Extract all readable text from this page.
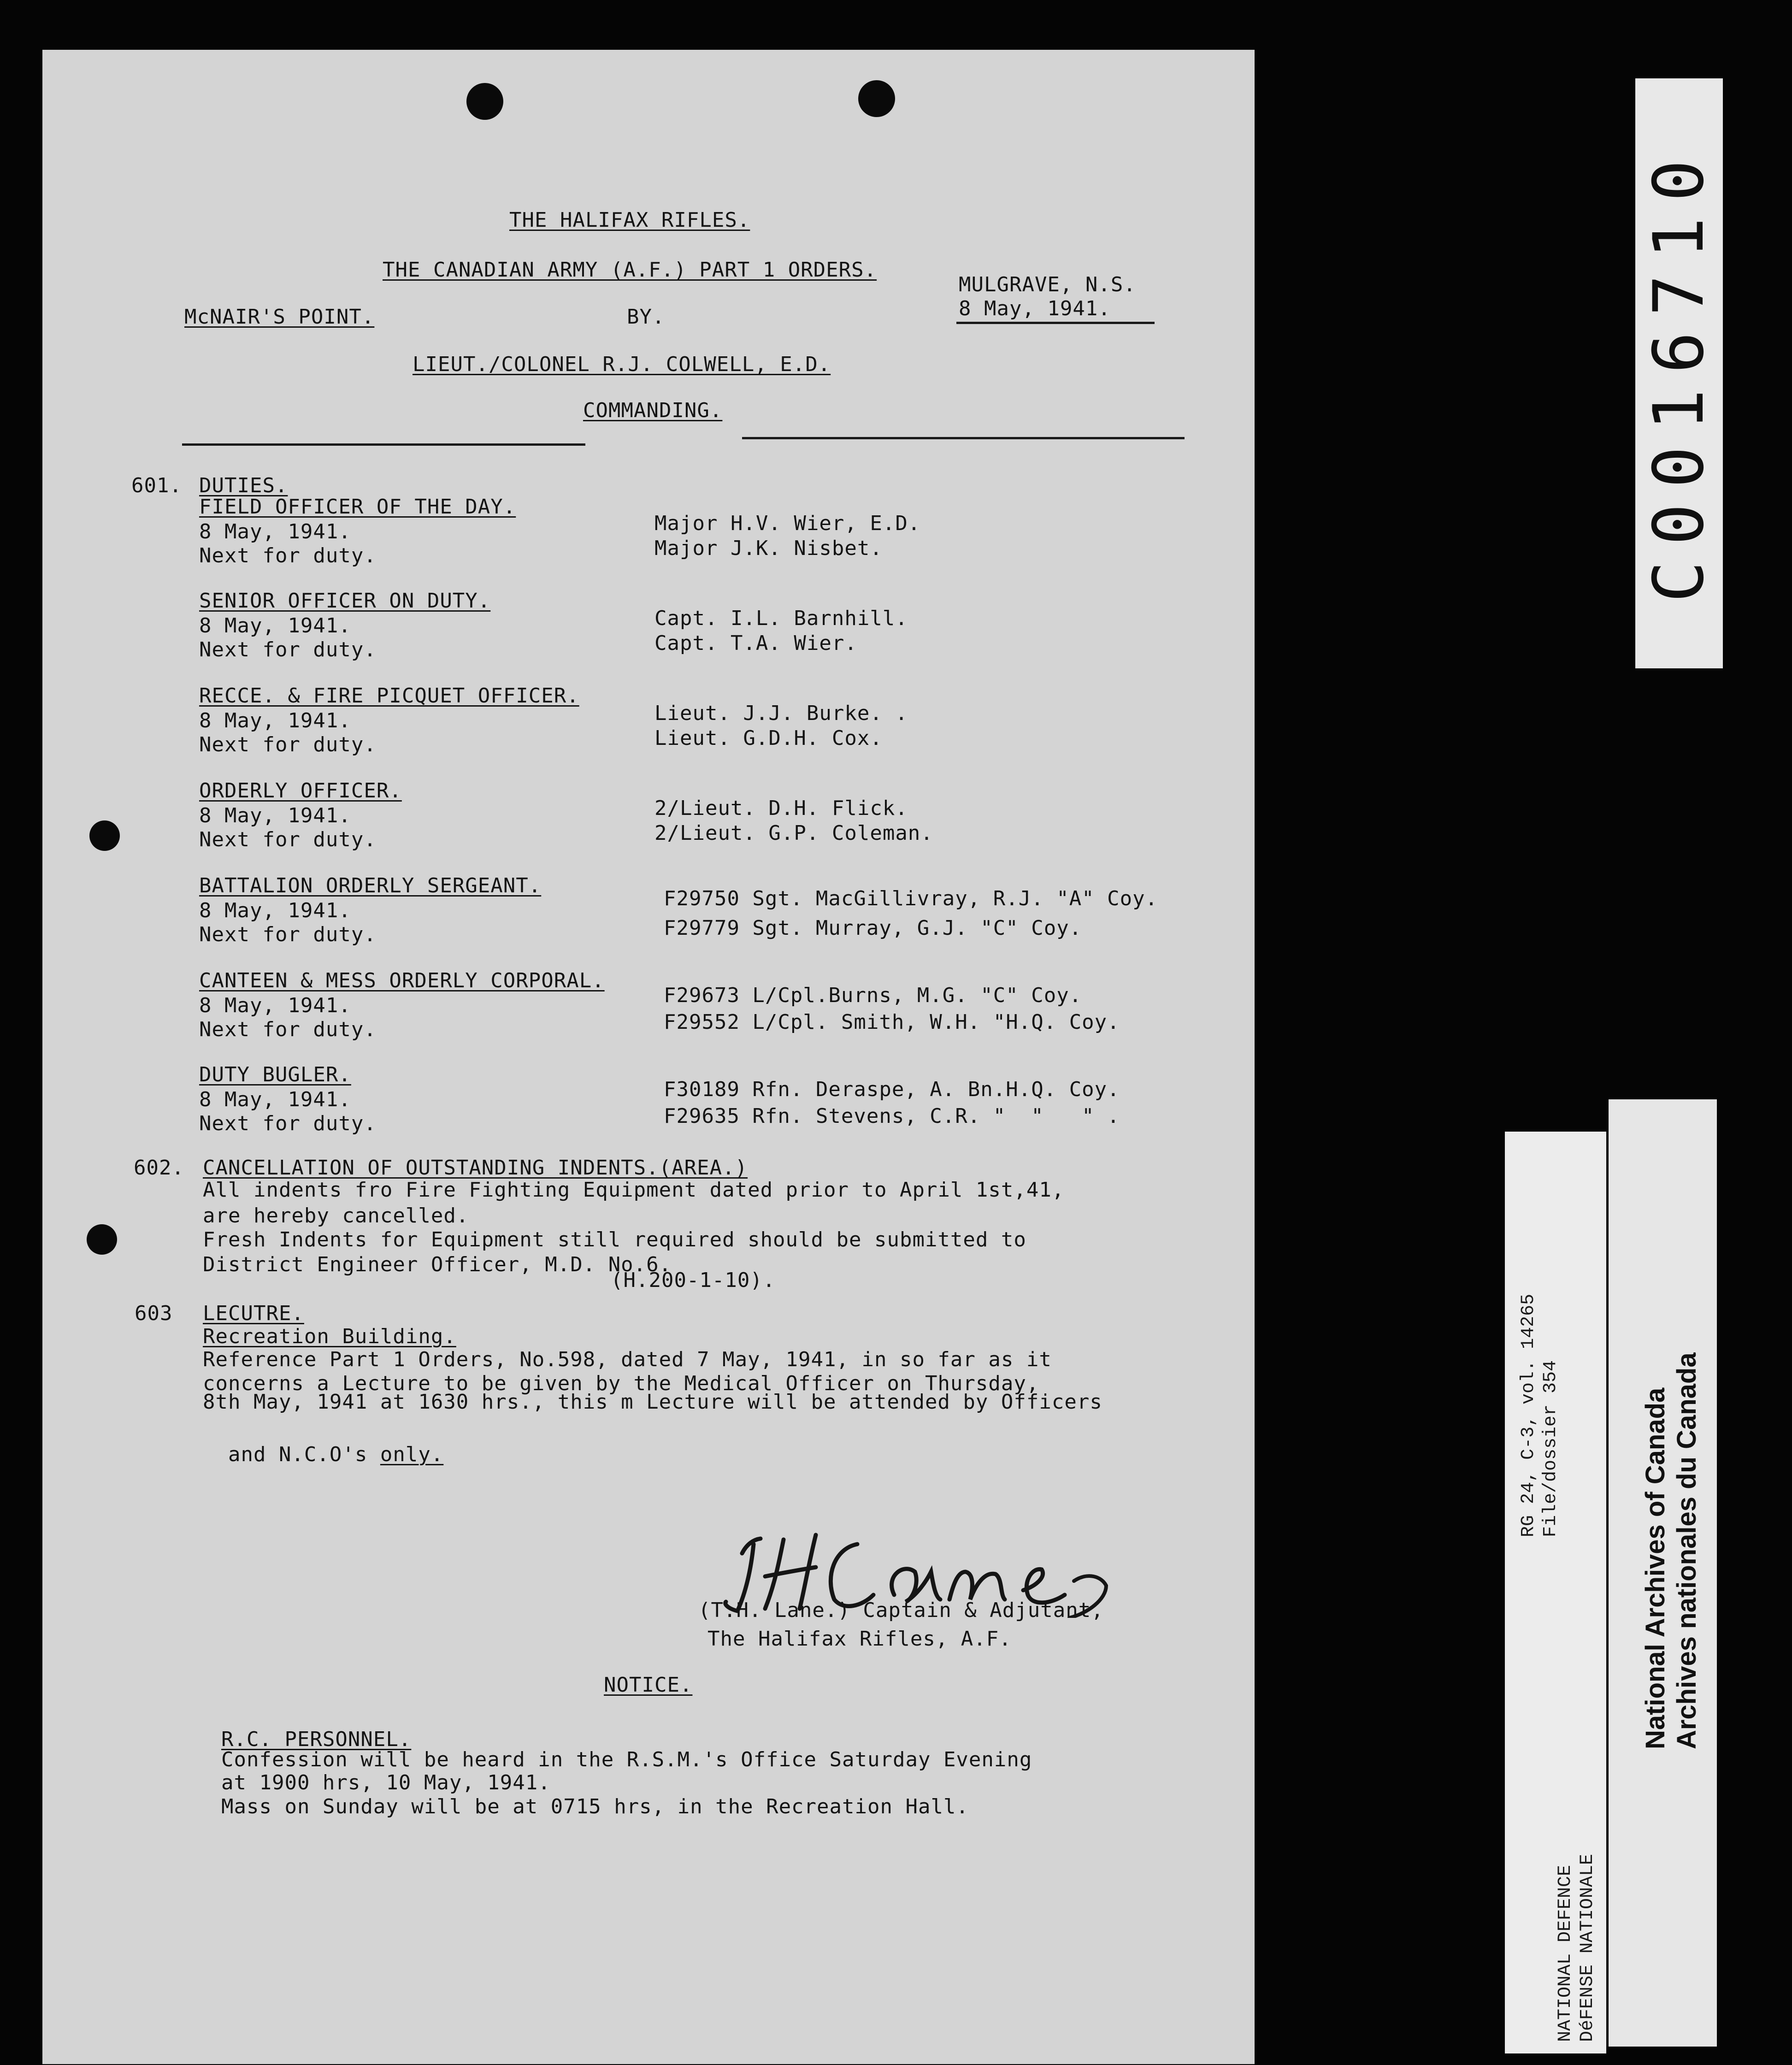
THE HALIFAX RIFLES.
THE CANADIAN ARMY (A.F.) PART 1 ORDERS.
MULGRAVE, N.S.
McNAIR'S POINT.	BY.	8 May, 1941.
LIEUT./COLONEL R.J. COLWELL, E.D.
COMMANDING.
601. DUTIES.
FIELD OFFICER OF THE DAY.
8 May, 1941.
Next for duty.
Major H.V. Wier, E.D.
Major J.K. Nisbet.
SENIOR OFFICER ON DUTY.
8 May, 1941.
Next for duty.
Capt. I.L. Barnhill.
Capt. T.A. Wier.
RECCE. & FIRE PICQUET OFFICER.
8 May, 1941.
Next for duty.
Lieut. J.J. Burke. .
Lieut. G.D.H. Cox.
ORDERLY OFFICER.
8 May, 1941.
Next for duty.
2/Lieut. D.H. Flick.
2/Lieut. G.P. Coleman.
BATTALION ORDERLY SERGEANT.
8 May, 1941.
Next for duty.
F29750 Sgt. MacGillivray, R.J. "A" Coy.
F29779 Sgt. Murray, G.J. "C" Coy.
CANTEEN & MESS ORDERLY CORPORAL.
8 May, 1941.
Next for duty.
F29673 L/Cpl.Burns, M.G. "C" Coy.
F29552 L/Cpl. Smith, W.H. "H.Q. Coy.
DUTY BUGLER.
8 May, 1941.
Next for duty.
F30189 Rfn. Deraspe, A. Bn.H.Q. Coy.
F29635 Rfn. Stevens, C.R. "  "   " .
602. CANCELLATION OF OUTSTANDING INDENTS.(AREA.)
All indents fro Fire Fighting Equipment dated prior to April 1st,41,
are hereby cancelled.
Fresh Indents for Equipment still required should be submitted to
District Engineer Officer, M.D. No.6.
(H.200-1-10).
603 LECUTRE.
Recreation Building.
Reference Part 1 Orders, No.598, dated 7 May, 1941, in so far as it
concerns a Lecture to be given by the Medical Officer on Thursday,
8th May, 1941 at 1630 hrs., this m Lecture will be attended by Officers

and N.C.O's only.

(T.H. Lane.) Captain & Adjutant,
The Halifax Rifles, A.F.
NOTICE.
R.C. PERSONNEL.
Confession will be heard in the R.S.M.'s Office Saturday Evening
at 1900 hrs, 10 May, 1941.
Mass on Sunday will be at 0715 hrs, in the Recreation Hall.
C0016710
RG 24, C-3, vol. 14265 File/dossier 354
NATIONAL DEFENCE DéFENSE NATIONALE
National Archives of Canada Archives nationales du Canada
